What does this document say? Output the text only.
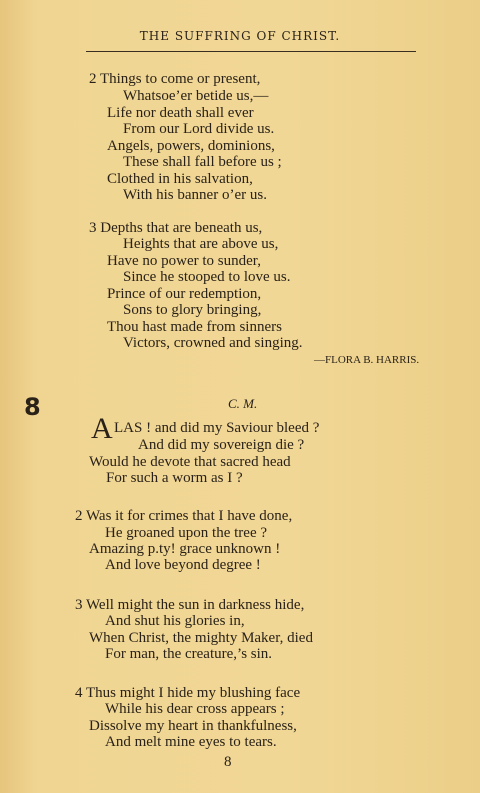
THE SUFFRING OF CHRIST.
2 Things to come or present,
Whatsoe’er betide us,—
Life nor death shall ever
From our Lord divide us.
Angels, powers, dominions,
These shall fall before us ;
Clothed in his salvation,
With his banner o’er us.
3 Depths that are beneath us,
Heights that are above us,
Have no power to sunder,
Since he stooped to love us.
Prince of our redemption,
Sons to glory bringing,
Thou hast made from sinners
Victors, crowned and singing.
—FLORA B. HARRIS.
8	C. M.
A LAS ! and did my Saviour bleed ?
And did my sovereign die ?
Would he devote that sacred head
For such a worm as I ?
2 Was it for crimes that I have done,
He groaned upon the tree ?
Amazing p.ty! grace unknown !
And love beyond degree !
3 Well might the sun in darkness hide,
And shut his glories in,
When Christ, the mighty Maker, died
For man, the creature,’s sin.
4 Thus might I hide my blushing face
While his dear cross appears ;
Dissolve my heart in thankfulness,
And melt mine eyes to tears.
8
